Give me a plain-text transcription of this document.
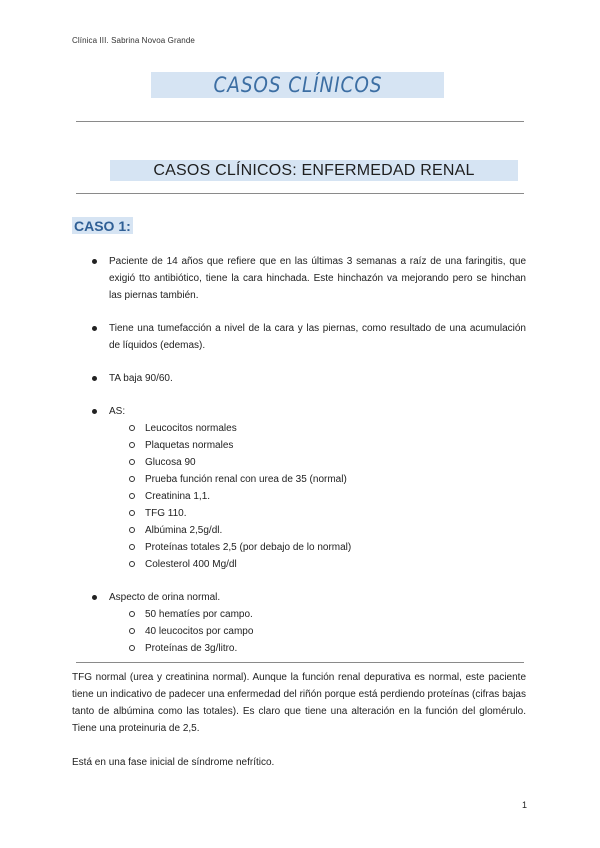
Clínica III. Sabrina Novoa Grande
CASOS CLÍNICOS
CASOS CLÍNICOS: ENFERMEDAD RENAL
CASO 1:
Paciente de 14 años que refiere que en las últimas 3 semanas a raíz de una faringitis, que exigió tto antibiótico, tiene la cara hinchada. Este hinchazón va mejorando pero se hinchan las piernas también.
Tiene una tumefacción a nivel de la cara y las piernas, como resultado de una acumulación de líquidos (edemas).
TA baja 90/60.
AS:
Leucocitos normales
Plaquetas normales
Glucosa 90
Prueba función renal con urea de 35 (normal)
Creatinina 1,1.
TFG 110.
Albúmina 2,5g/dl.
Proteínas totales 2,5 (por debajo de lo normal)
Colesterol 400 Mg/dl
Aspecto de orina normal.
50 hematíes por campo.
40 leucocitos por campo
Proteínas de 3g/litro.
TFG normal (urea y creatinina normal). Aunque la función renal depurativa es normal, este paciente tiene un indicativo de padecer una enfermedad del riñón porque está perdiendo proteínas (cifras bajas tanto de albúmina como las totales). Es claro que tiene una alteración en la función del glomérulo. Tiene una proteinuria de 2,5.
Está en una fase inicial de síndrome nefrítico.
1
